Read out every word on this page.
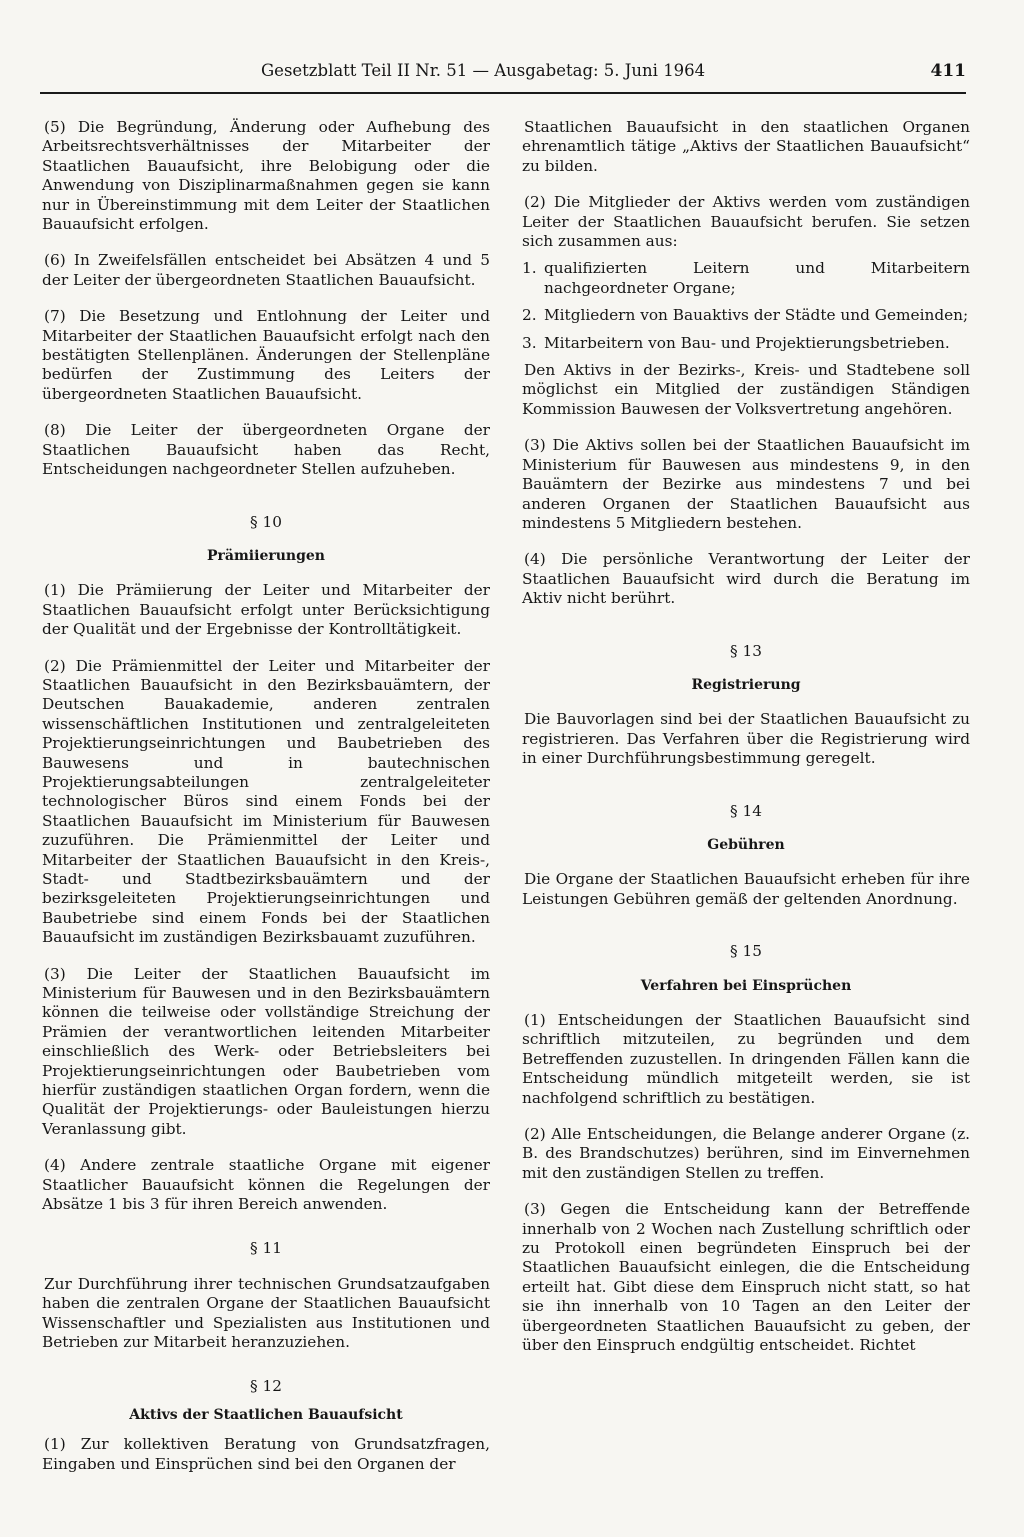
Gesetzblatt Teil II Nr. 51 — Ausgabetag: 5. Juni 1964	411

(5) Die Begründung, Änderung oder Aufhebung des Arbeitsrechtsverhältnisses der Mitarbeiter der Staatlichen Bauaufsicht, ihre Belobigung oder die Anwendung von Disziplinarmaßnahmen gegen sie kann nur in Übereinstimmung mit dem Leiter der Staatlichen Bauaufsicht erfolgen.

(6) In Zweifelsfällen entscheidet bei Absätzen 4 und 5 der Leiter der übergeordneten Staatlichen Bauaufsicht.

(7) Die Besetzung und Entlohnung der Leiter und Mitarbeiter der Staatlichen Bauaufsicht erfolgt nach den bestätigten Stellenplänen. Änderungen der Stellenpläne bedürfen der Zustimmung des Leiters der übergeordneten Staatlichen Bauaufsicht.

(8) Die Leiter der übergeordneten Organe der Staatlichen Bauaufsicht haben das Recht, Entscheidungen nachgeordneter Stellen aufzuheben.

§ 10
Prämiierungen

(1) Die Prämiierung der Leiter und Mitarbeiter der Staatlichen Bauaufsicht erfolgt unter Berücksichtigung der Qualität und der Ergebnisse der Kontrolltätigkeit.

(2) Die Prämienmittel der Leiter und Mitarbeiter der Staatlichen Bauaufsicht in den Bezirksbauämtern, der Deutschen Bauakademie, anderen zentralen wissenschäftlichen Institutionen und zentralgeleiteten Projektierungseinrichtungen und Baubetrieben des Bauwesens und in bautechnischen Projektierungsabteilungen zentralgeleiteter technologischer Büros sind einem Fonds bei der Staatlichen Bauaufsicht im Ministerium für Bauwesen zuzuführen. Die Prämienmittel der Leiter und Mitarbeiter der Staatlichen Bauaufsicht in den Kreis-, Stadt- und Stadtbezirksbauämtern und der bezirksgeleiteten Projektierungseinrichtungen und Baubetriebe sind einem Fonds bei der Staatlichen Bauaufsicht im zuständigen Bezirksbauamt zuzuführen.

(3) Die Leiter der Staatlichen Bauaufsicht im Ministerium für Bauwesen und in den Bezirksbauämtern können die teilweise oder vollständige Streichung der Prämien der verantwortlichen leitenden Mitarbeiter einschließlich des Werk- oder Betriebsleiters bei Projektierungseinrichtungen oder Baubetrieben vom hierfür zuständigen staatlichen Organ fordern, wenn die Qualität der Projektierungs- oder Bauleistungen hierzu Veranlassung gibt.

(4) Andere zentrale staatliche Organe mit eigener Staatlicher Bauaufsicht können die Regelungen der Absätze 1 bis 3 für ihren Bereich anwenden.

§ 11

Zur Durchführung ihrer technischen Grundsatzaufgaben haben die zentralen Organe der Staatlichen Bauaufsicht Wissenschaftler und Spezialisten aus Institutionen und Betrieben zur Mitarbeit heranzuziehen.

§ 12
Aktivs der Staatlichen Bauaufsicht

(1) Zur kollektiven Beratung von Grundsatzfragen, Eingaben und Einsprüchen sind bei den Organen der

Staatlichen Bauaufsicht in den staatlichen Organen ehrenamtlich tätige „Aktivs der Staatlichen Bauaufsicht“ zu bilden.

(2) Die Mitglieder der Aktivs werden vom zuständigen Leiter der Staatlichen Bauaufsicht berufen. Sie setzen sich zusammen aus:

1. qualifizierten Leitern und Mitarbeitern nachgeordneter Organe;
2. Mitgliedern von Bauaktivs der Städte und Gemeinden;
3. Mitarbeitern von Bau- und Projektierungsbetrieben.

Den Aktivs in der Bezirks-, Kreis- und Stadtebene soll möglichst ein Mitglied der zuständigen Ständigen Kommission Bauwesen der Volksvertretung angehören.

(3) Die Aktivs sollen bei der Staatlichen Bauaufsicht im Ministerium für Bauwesen aus mindestens 9, in den Bauämtern der Bezirke aus mindestens 7 und bei anderen Organen der Staatlichen Bauaufsicht aus mindestens 5 Mitgliedern bestehen.

(4) Die persönliche Verantwortung der Leiter der Staatlichen Bauaufsicht wird durch die Beratung im Aktiv nicht berührt.

§ 13
Registrierung

Die Bauvorlagen sind bei der Staatlichen Bauaufsicht zu registrieren. Das Verfahren über die Registrierung wird in einer Durchführungsbestimmung geregelt.

§ 14
Gebühren

Die Organe der Staatlichen Bauaufsicht erheben für ihre Leistungen Gebühren gemäß der geltenden Anordnung.

§ 15
Verfahren bei Einsprüchen

(1) Entscheidungen der Staatlichen Bauaufsicht sind schriftlich mitzuteilen, zu begründen und dem Betreffenden zuzustellen. In dringenden Fällen kann die Entscheidung mündlich mitgeteilt werden, sie ist nachfolgend schriftlich zu bestätigen.

(2) Alle Entscheidungen, die Belange anderer Organe (z. B. des Brandschutzes) berühren, sind im Einvernehmen mit den zuständigen Stellen zu treffen.

(3) Gegen die Entscheidung kann der Betreffende innerhalb von 2 Wochen nach Zustellung schriftlich oder zu Protokoll einen begründeten Einspruch bei der Staatlichen Bauaufsicht einlegen, die die Entscheidung erteilt hat. Gibt diese dem Einspruch nicht statt, so hat sie ihn innerhalb von 10 Tagen an den Leiter der übergeordneten Staatlichen Bauaufsicht zu geben, der über den Einspruch endgültig entscheidet. Richtet
